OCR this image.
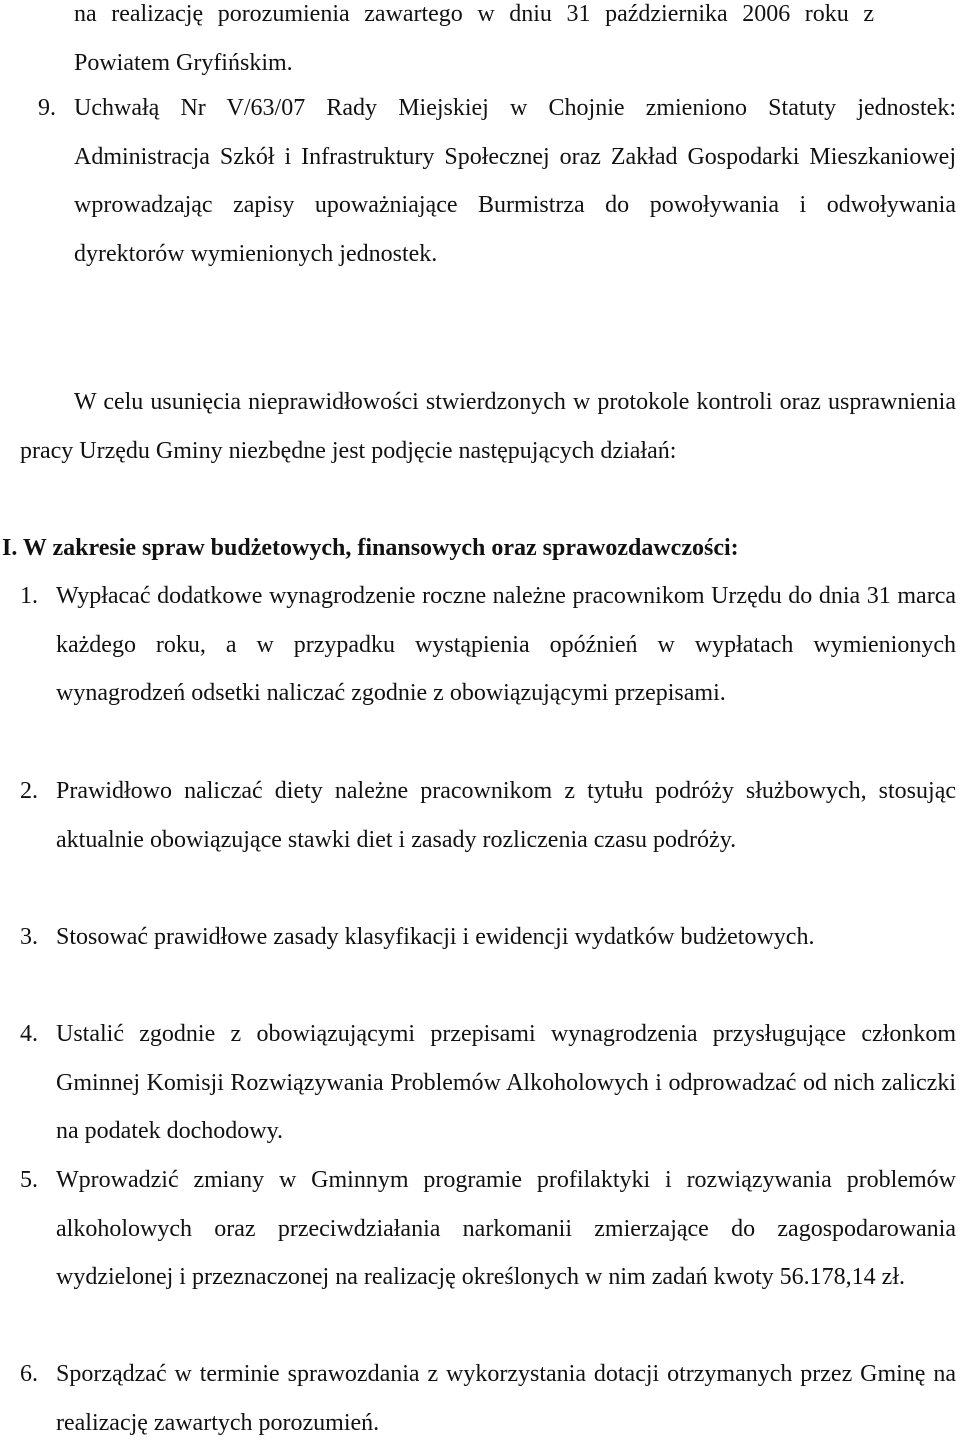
na realizację porozumienia zawartego w dniu 31 października 2006 roku z Powiatem Gryfińskim.
9. Uchwałą Nr V/63/07 Rady Miejskiej w Chojnie zmieniono Statuty jednostek: Administracja Szkół i Infrastruktury Społecznej oraz Zakład Gospodarki Mieszkaniowej wprowadzając zapisy upoważniające Burmistrza do powoływania i odwoływania dyrektorów wymienionych jednostek.
W celu usunięcia nieprawidłowości stwierdzonych w protokole kontroli oraz usprawnienia pracy Urzędu Gminy niezbędne jest podjęcie następujących działań:
I. W zakresie spraw budżetowych, finansowych oraz sprawozdawczości:
1. Wypłacać dodatkowe wynagrodzenie roczne należne pracownikom Urzędu do dnia 31 marca każdego roku, a w przypadku wystąpienia opóźnień w wypłatach wymienionych wynagrodzeń odsetki naliczać zgodnie z obowiązującymi przepisami.
2. Prawidłowo naliczać diety należne pracownikom z tytułu podróży służbowych, stosując aktualnie obowiązujące stawki diet i zasady rozliczenia czasu podróży.
3. Stosować prawidłowe zasady klasyfikacji i ewidencji wydatków budżetowych.
4. Ustalić zgodnie z obowiązującymi przepisami wynagrodzenia przysługujące członkom Gminnej Komisji Rozwiązywania Problemów Alkoholowych i odprowadzać od nich zaliczki na podatek dochodowy.
5. Wprowadzić zmiany w Gminnym programie profilaktyki i rozwiązywania problemów alkoholowych oraz przeciwdziałania narkomanii zmierzające do zagospodarowania wydzielonej i przeznaczonej na realizację określonych w nim zadań kwoty 56.178,14 zł.
6. Sporządzać w terminie sprawozdania z wykorzystania dotacji otrzymanych przez Gminę na realizację zawartych porozumień.
